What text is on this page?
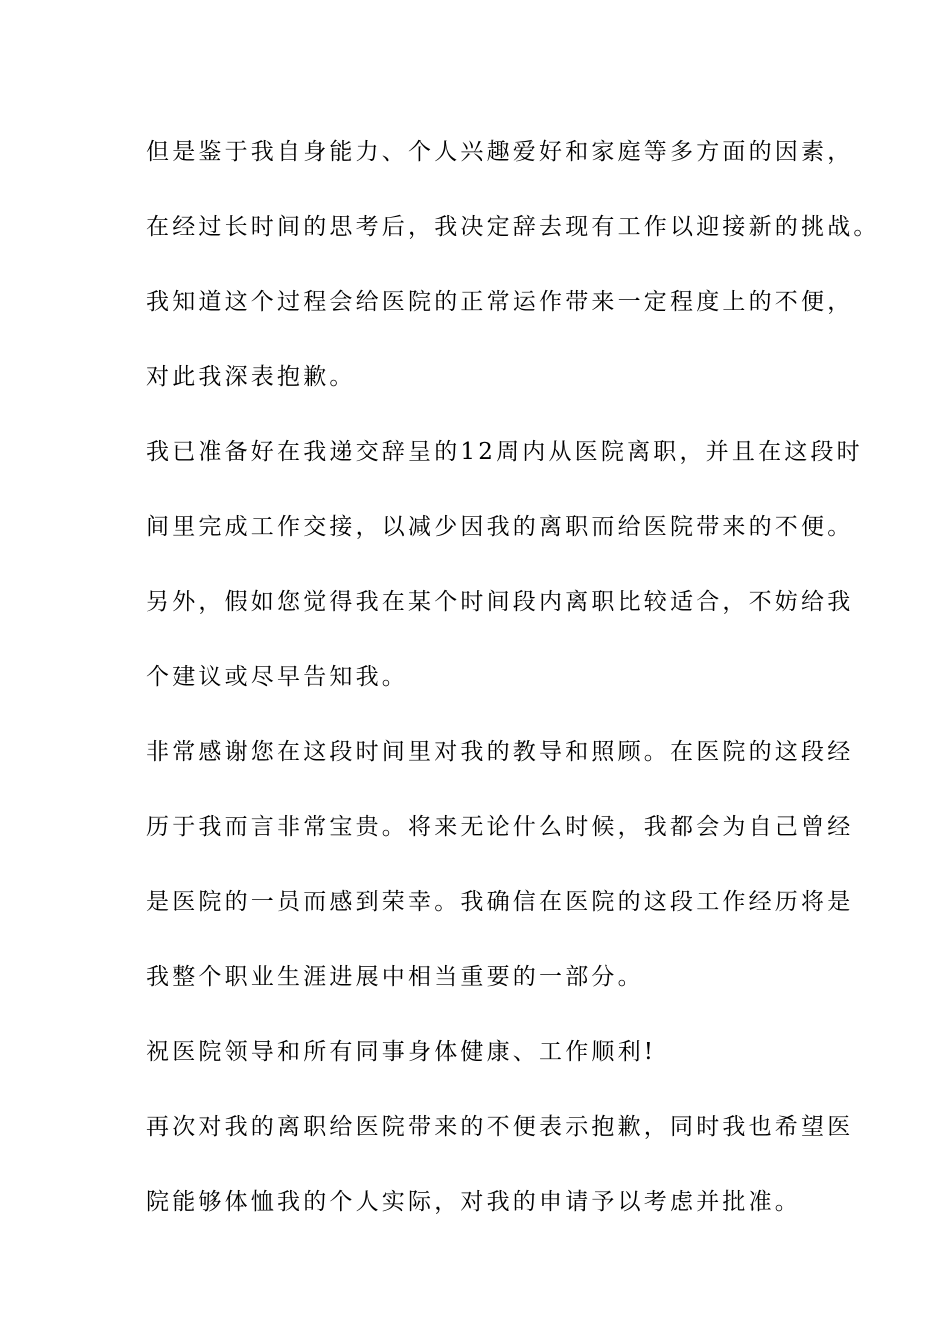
但是鉴于我自身能力、个人兴趣爱好和家庭等多方面的因素，
在经过长时间的思考后，我决定辞去现有工作以迎接新的挑战。
我知道这个过程会给医院的正常运作带来一定程度上的不便，
对此我深表抱歉。
我已准备好在我递交辞呈的12周内从医院离职，并且在这段时
间里完成工作交接，以减少因我的离职而给医院带来的不便。
另外，假如您觉得我在某个时间段内离职比较适合，不妨给我
个建议或尽早告知我。
非常感谢您在这段时间里对我的教导和照顾。在医院的这段经
历于我而言非常宝贵。将来无论什么时候，我都会为自己曾经
是医院的一员而感到荣幸。我确信在医院的这段工作经历将是
我整个职业生涯进展中相当重要的一部分。
祝医院领导和所有同事身体健康、工作顺利!
再次对我的离职给医院带来的不便表示抱歉，同时我也希望医
院能够体恤我的个人实际，对我的申请予以考虑并批准。
